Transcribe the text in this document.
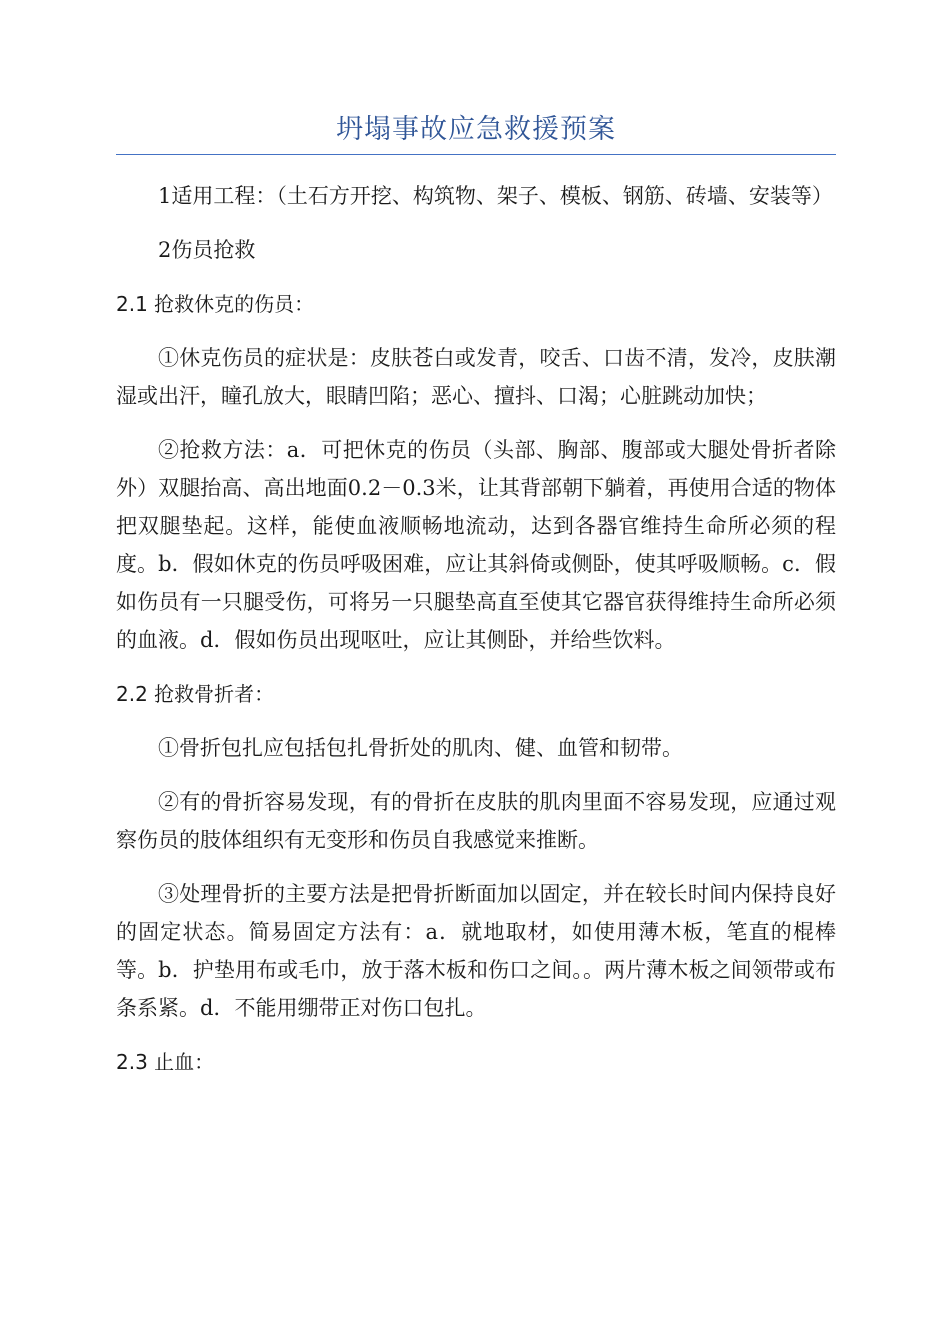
坍塌事故应急救援预案

1适用工程：（土石方开挖、构筑物、架子、模板、钢筋、砖墙、安装等）

2伤员抢救

2.1 抢救休克的伤员：

①休克伤员的症状是：皮肤苍白或发青，咬舌、口齿不清，发冷，皮肤潮湿或出汗，瞳孔放大，眼睛凹陷；恶心、擅抖、口渴；心脏跳动加快；

②抢救方法：a．可把休克的伤员（头部、胸部、腹部或大腿处骨折者除外）双腿抬高、高出地面0.2－0.3米，让其背部朝下躺着，再使用合适的物体把双腿垫起。这样，能使血液顺畅地流动，达到各器官维持生命所必须的程度。b．假如休克的伤员呼吸困难，应让其斜倚或侧卧，使其呼吸顺畅。c．假如伤员有一只腿受伤，可将另一只腿垫高直至使其它器官获得维持生命所必须的血液。d．假如伤员出现呕吐，应让其侧卧，并给些饮料。

2.2 抢救骨折者：

①骨折包扎应包括包扎骨折处的肌肉、健、血管和韧带。

②有的骨折容易发现，有的骨折在皮肤的肌肉里面不容易发现，应通过观察伤员的肢体组织有无变形和伤员自我感觉来推断。

③处理骨折的主要方法是把骨折断面加以固定，并在较长时间内保持良好的固定状态。简易固定方法有：a．就地取材，如使用薄木板，笔直的棍棒等。b．护垫用布或毛巾，放于落木板和伤口之间。。两片薄木板之间领带或布条系紧。d．不能用绷带正对伤口包扎。

2.3 止血：
